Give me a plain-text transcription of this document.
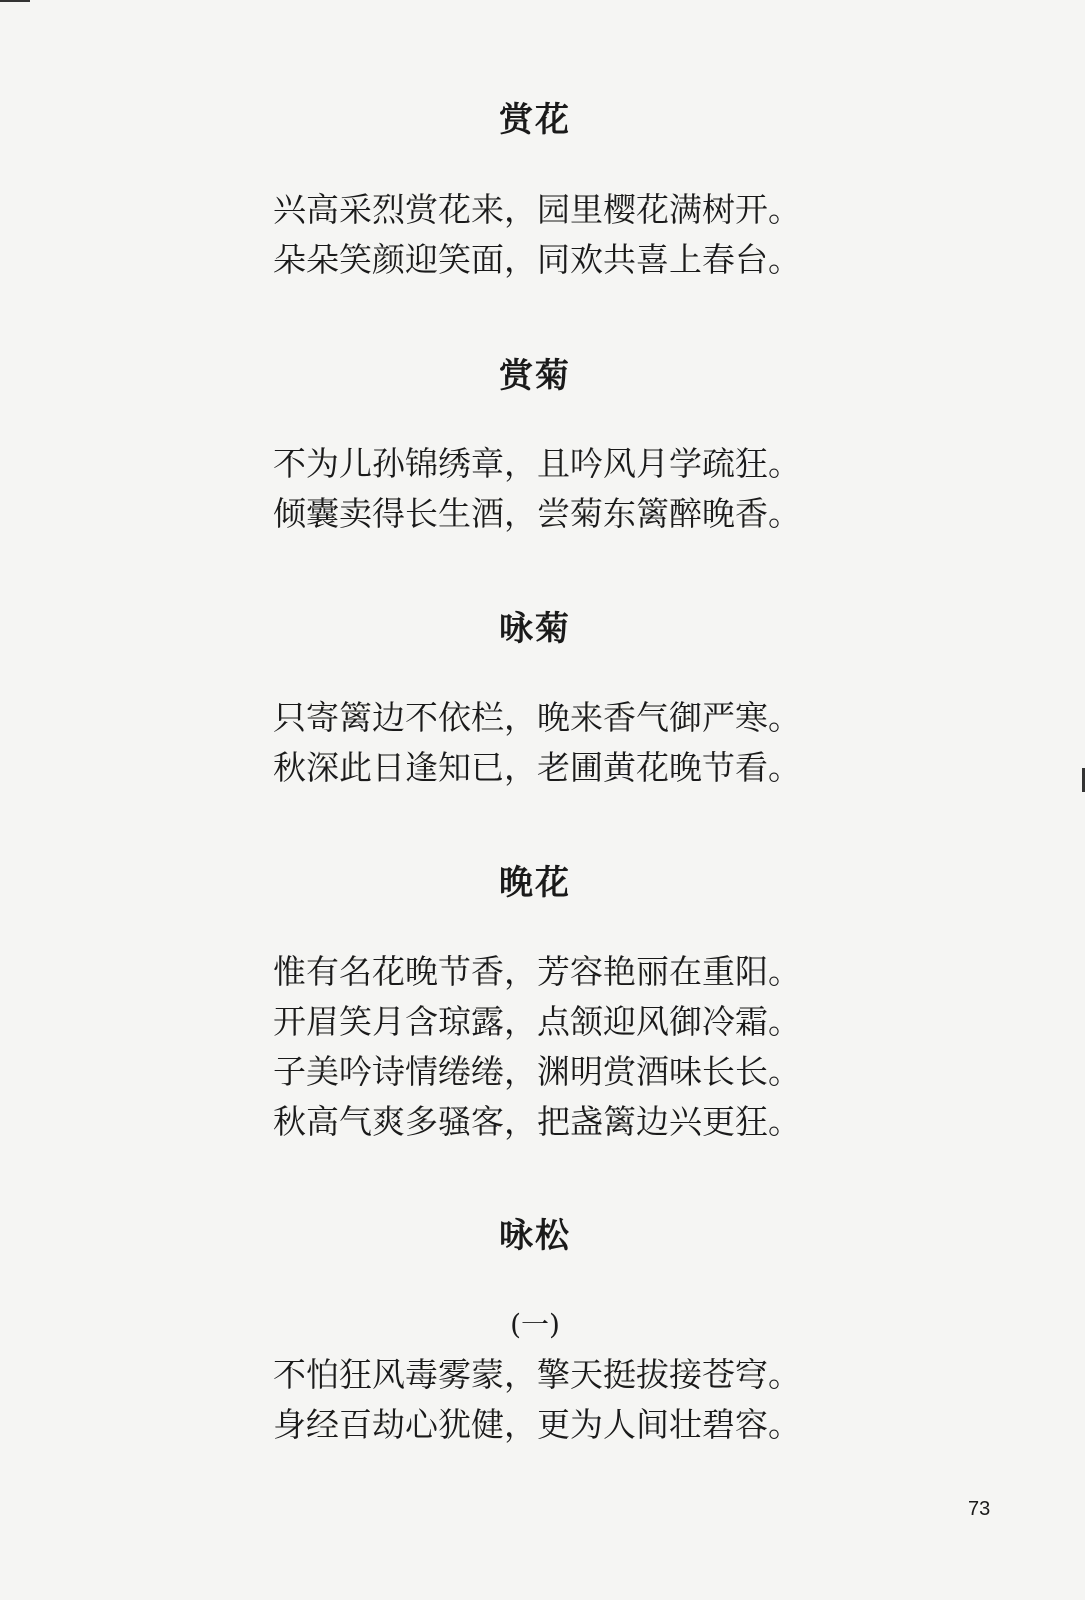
赏花
兴高采烈赏花来，园里樱花满树开。
朵朵笑颜迎笑面，同欢共喜上春台。
赏菊
不为儿孙锦绣章，且吟风月学疏狂。
倾囊卖得长生酒，尝菊东篱醉晚香。
咏菊
只寄篱边不依栏，晚来香气御严寒。
秋深此日逢知已，老圃黄花晚节看。
晚花
惟有名花晚节香，芳容艳丽在重阳。
开眉笑月含琼露，点颔迎风御冷霜。
子美吟诗情绻绻，渊明赏酒味长长。
秋高气爽多骚客，把盏篱边兴更狂。
咏松
(一)
不怕狂风毒雾蒙，擎天挺拔接苍穹。
身经百劫心犹健，更为人间壮碧容。
73
